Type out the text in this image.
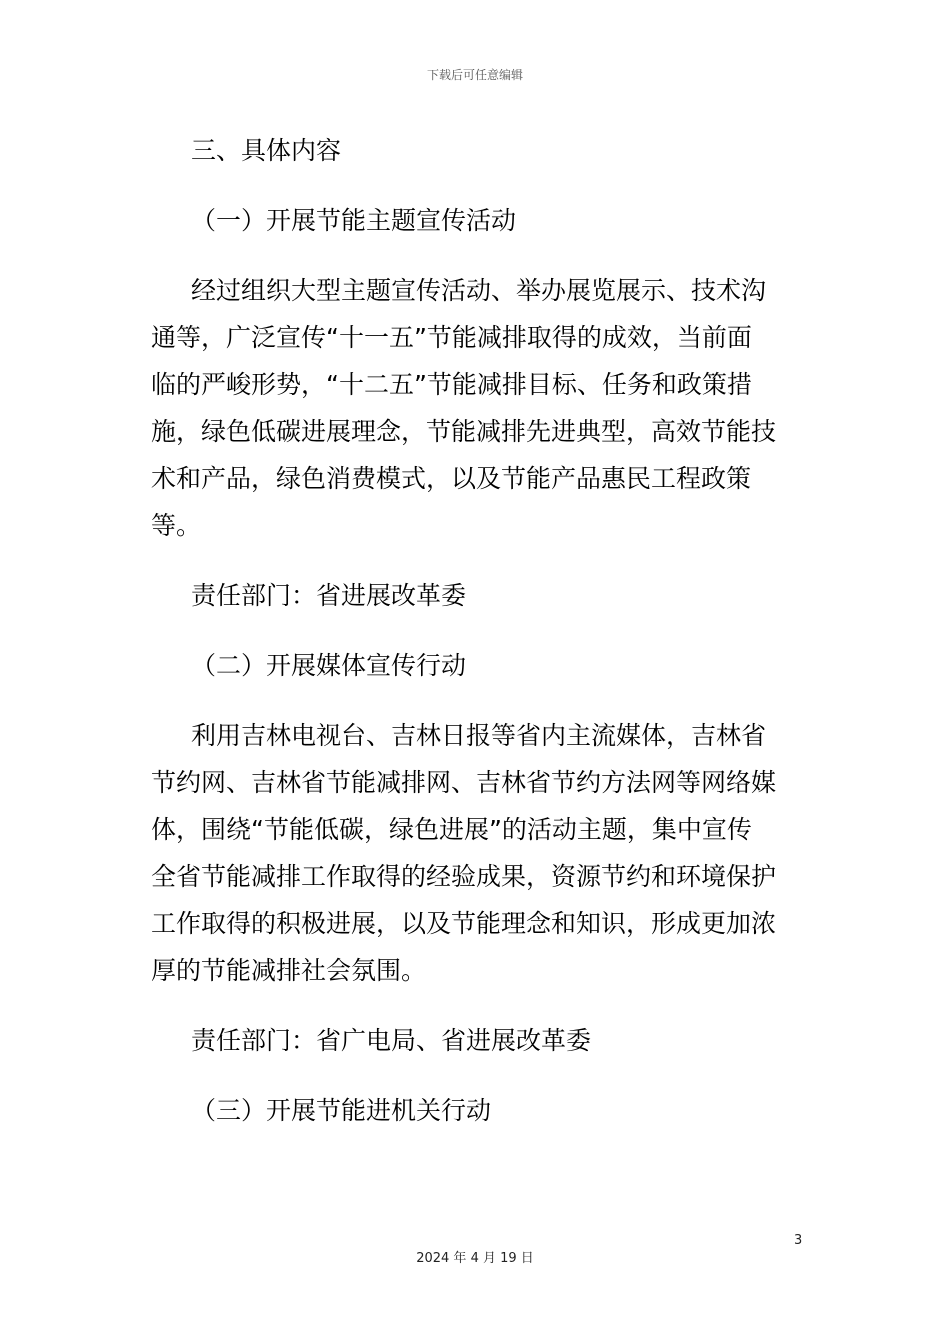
下载后可任意编辑
三、具体内容
（一）开展节能主题宣传活动
经过组织大型主题宣传活动、举办展览展示、技术沟
通等，广泛宣传“十一五”节能减排取得的成效，当前面
临的严峻形势，“十二五”节能减排目标、任务和政策措
施，绿色低碳进展理念，节能减排先进典型，高效节能技
术和产品，绿色消费模式，以及节能产品惠民工程政策
等。
责任部门：省进展改革委
（二）开展媒体宣传行动
利用吉林电视台、吉林日报等省内主流媒体，吉林省
节约网、吉林省节能减排网、吉林省节约方法网等网络媒
体，围绕“节能低碳，绿色进展”的活动主题，集中宣传
全省节能减排工作取得的经验成果，资源节约和环境保护
工作取得的积极进展，以及节能理念和知识，形成更加浓
厚的节能减排社会氛围。
责任部门：省广电局、省进展改革委
（三）开展节能进机关行动
3
2024 年 4 月 19 日
